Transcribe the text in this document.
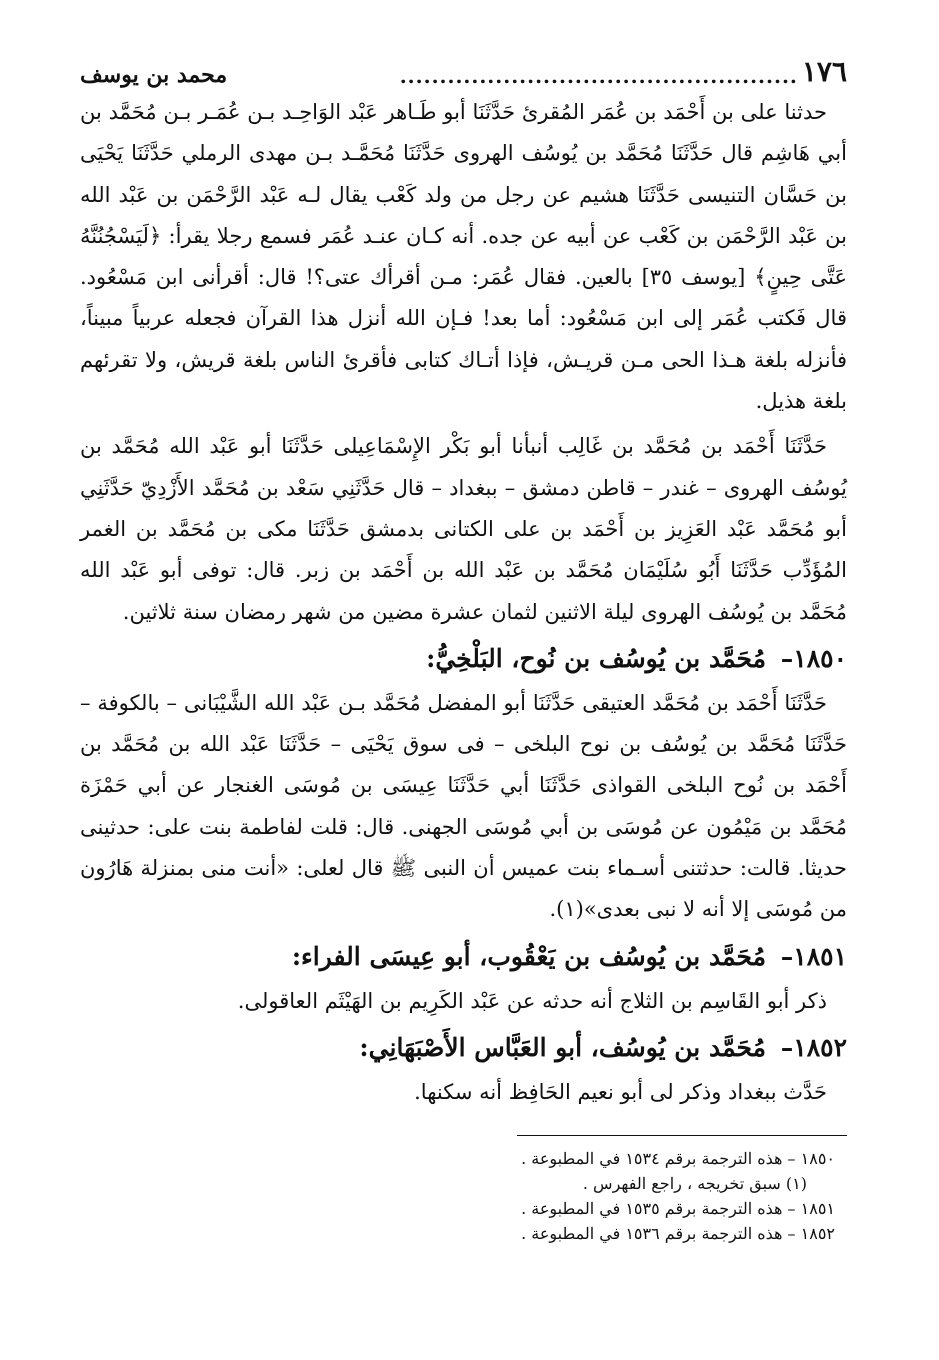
١٧٦
..................................................
محمد بن يوسف

حدثنا على بن أَحْمَد بن عُمَر المُقرئ حَدَّثَنَا أبو طَـاهر عَبْد الوَاحِـد بـن عُمَـر بـن مُحَمَّد بن أبي هَاشِم قال حَدَّثَنَا مُحَمَّد بن يُوسُف الهروى حَدَّثَنَا مُحَمَّـد بـن مهدى الرملي حَدَّثَنَا يَحْيَى بن حَسَّان التنيسى حَدَّثَنَا هشيم عن رجل من ولد كَعْب يقال لـه عَبْد الرَّحْمَن بن عَبْد الله بن عَبْد الرَّحْمَن بن كَعْب عن أبيه عن جده. أنه كـان عنـد عُمَر فسمع رجلا يقرأ: ﴿لَيَسْجُنُنَّهُ عَتَّى حِينٍ﴾ [يوسف ٣٥] بالعين. فقال عُمَر: مـن أقرأك عتى؟! قال: أقرأنى ابن مَسْعُود. قال فَكتب عُمَر إلى ابن مَسْعُود: أما بعد! فـإن الله أنزل هذا القرآن فجعله عربياً مبيناً، فأنزله بلغة هـذا الحى مـن قريـش، فإذا أتـاك كتابى فأقرئ الناس بلغة قريش، ولا تقرئهم بلغة هذيل.

حَدَّثَنَا أَحْمَد بن مُحَمَّد بن غَالِب أنبأنا أبو بَكْر الإِسْمَاعِيلى حَدَّثَنَا أبو عَبْد الله مُحَمَّد بن يُوسُف الهروى – غندر – قاطن دمشق – ببغداد – قال حَدَّثَنِي سَعْد بن مُحَمَّد الأَزْدِيّ حَدَّثَنِي أبو مُحَمَّد عَبْد العَزِيز بن أَحْمَد بن على الكتانى بدمشق حَدَّثَنَا مكى بن مُحَمَّد بن الغمر المُؤَدِّب حَدَّثَنَا أَبُو سُلَيْمَان مُحَمَّد بن عَبْد الله بن أَحْمَد بن زبر. قال: توفى أبو عَبْد الله مُحَمَّد بن يُوسُف الهروى ليلة الاثنين لثمان عشرة مضين من شهر رمضان سنة ثلاثين.

١٨٥٠– مُحَمَّد بن يُوسُف بن نُوح، البَلْخِيُّ:

حَدَّثَنَا أَحْمَد بن مُحَمَّد العتيقى حَدَّثَنَا أبو المفضل مُحَمَّد بـن عَبْد الله الشَّيْبَانى – بالكوفة – حَدَّثَنَا مُحَمَّد بن يُوسُف بن نوح البلخى – فى سوق يَحْيَى – حَدَّثَنَا عَبْد الله بن مُحَمَّد بن أَحْمَد بن نُوح البلخى القواذى حَدَّثَنَا أبي حَدَّثَنَا عِيسَى بن مُوسَى الغنجار عن أبي حَمْزَة مُحَمَّد بن مَيْمُون عن مُوسَى بن أبي مُوسَى الجهنى. قال: قلت لفاطمة بنت على: حدثينى حديثا. قالت: حدثتنى أسـماء بنت عميس أن النبى ﷺ قال لعلى: «أنت منى بمنزلة هَارُون من مُوسَى إلا أنه لا نبى بعدى»(١).

١٨٥١– مُحَمَّد بن يُوسُف بن يَعْقُوب، أبو عِيسَى الفراء:

ذكر أبو القَاسِم بن الثلاج أنه حدثه عن عَبْد الكَرِيم بن الهَيْثَم العاقولى.

١٨٥٢– مُحَمَّد بن يُوسُف، أبو العَبَّاس الأَصْبَهَانِي:

حَدَّث ببغداد وذكر لى أبو نعيم الحَافِظ أنه سكنها.

١٨٥٠ – هذه الترجمة برقم ١٥٣٤ في المطبوعة .

(١) سبق تخريجه ، راجع الفهرس .

١٨٥١ – هذه الترجمة برقم ١٥٣٥ في المطبوعة .

١٨٥٢ – هذه الترجمة برقم ١٥٣٦ في المطبوعة .
